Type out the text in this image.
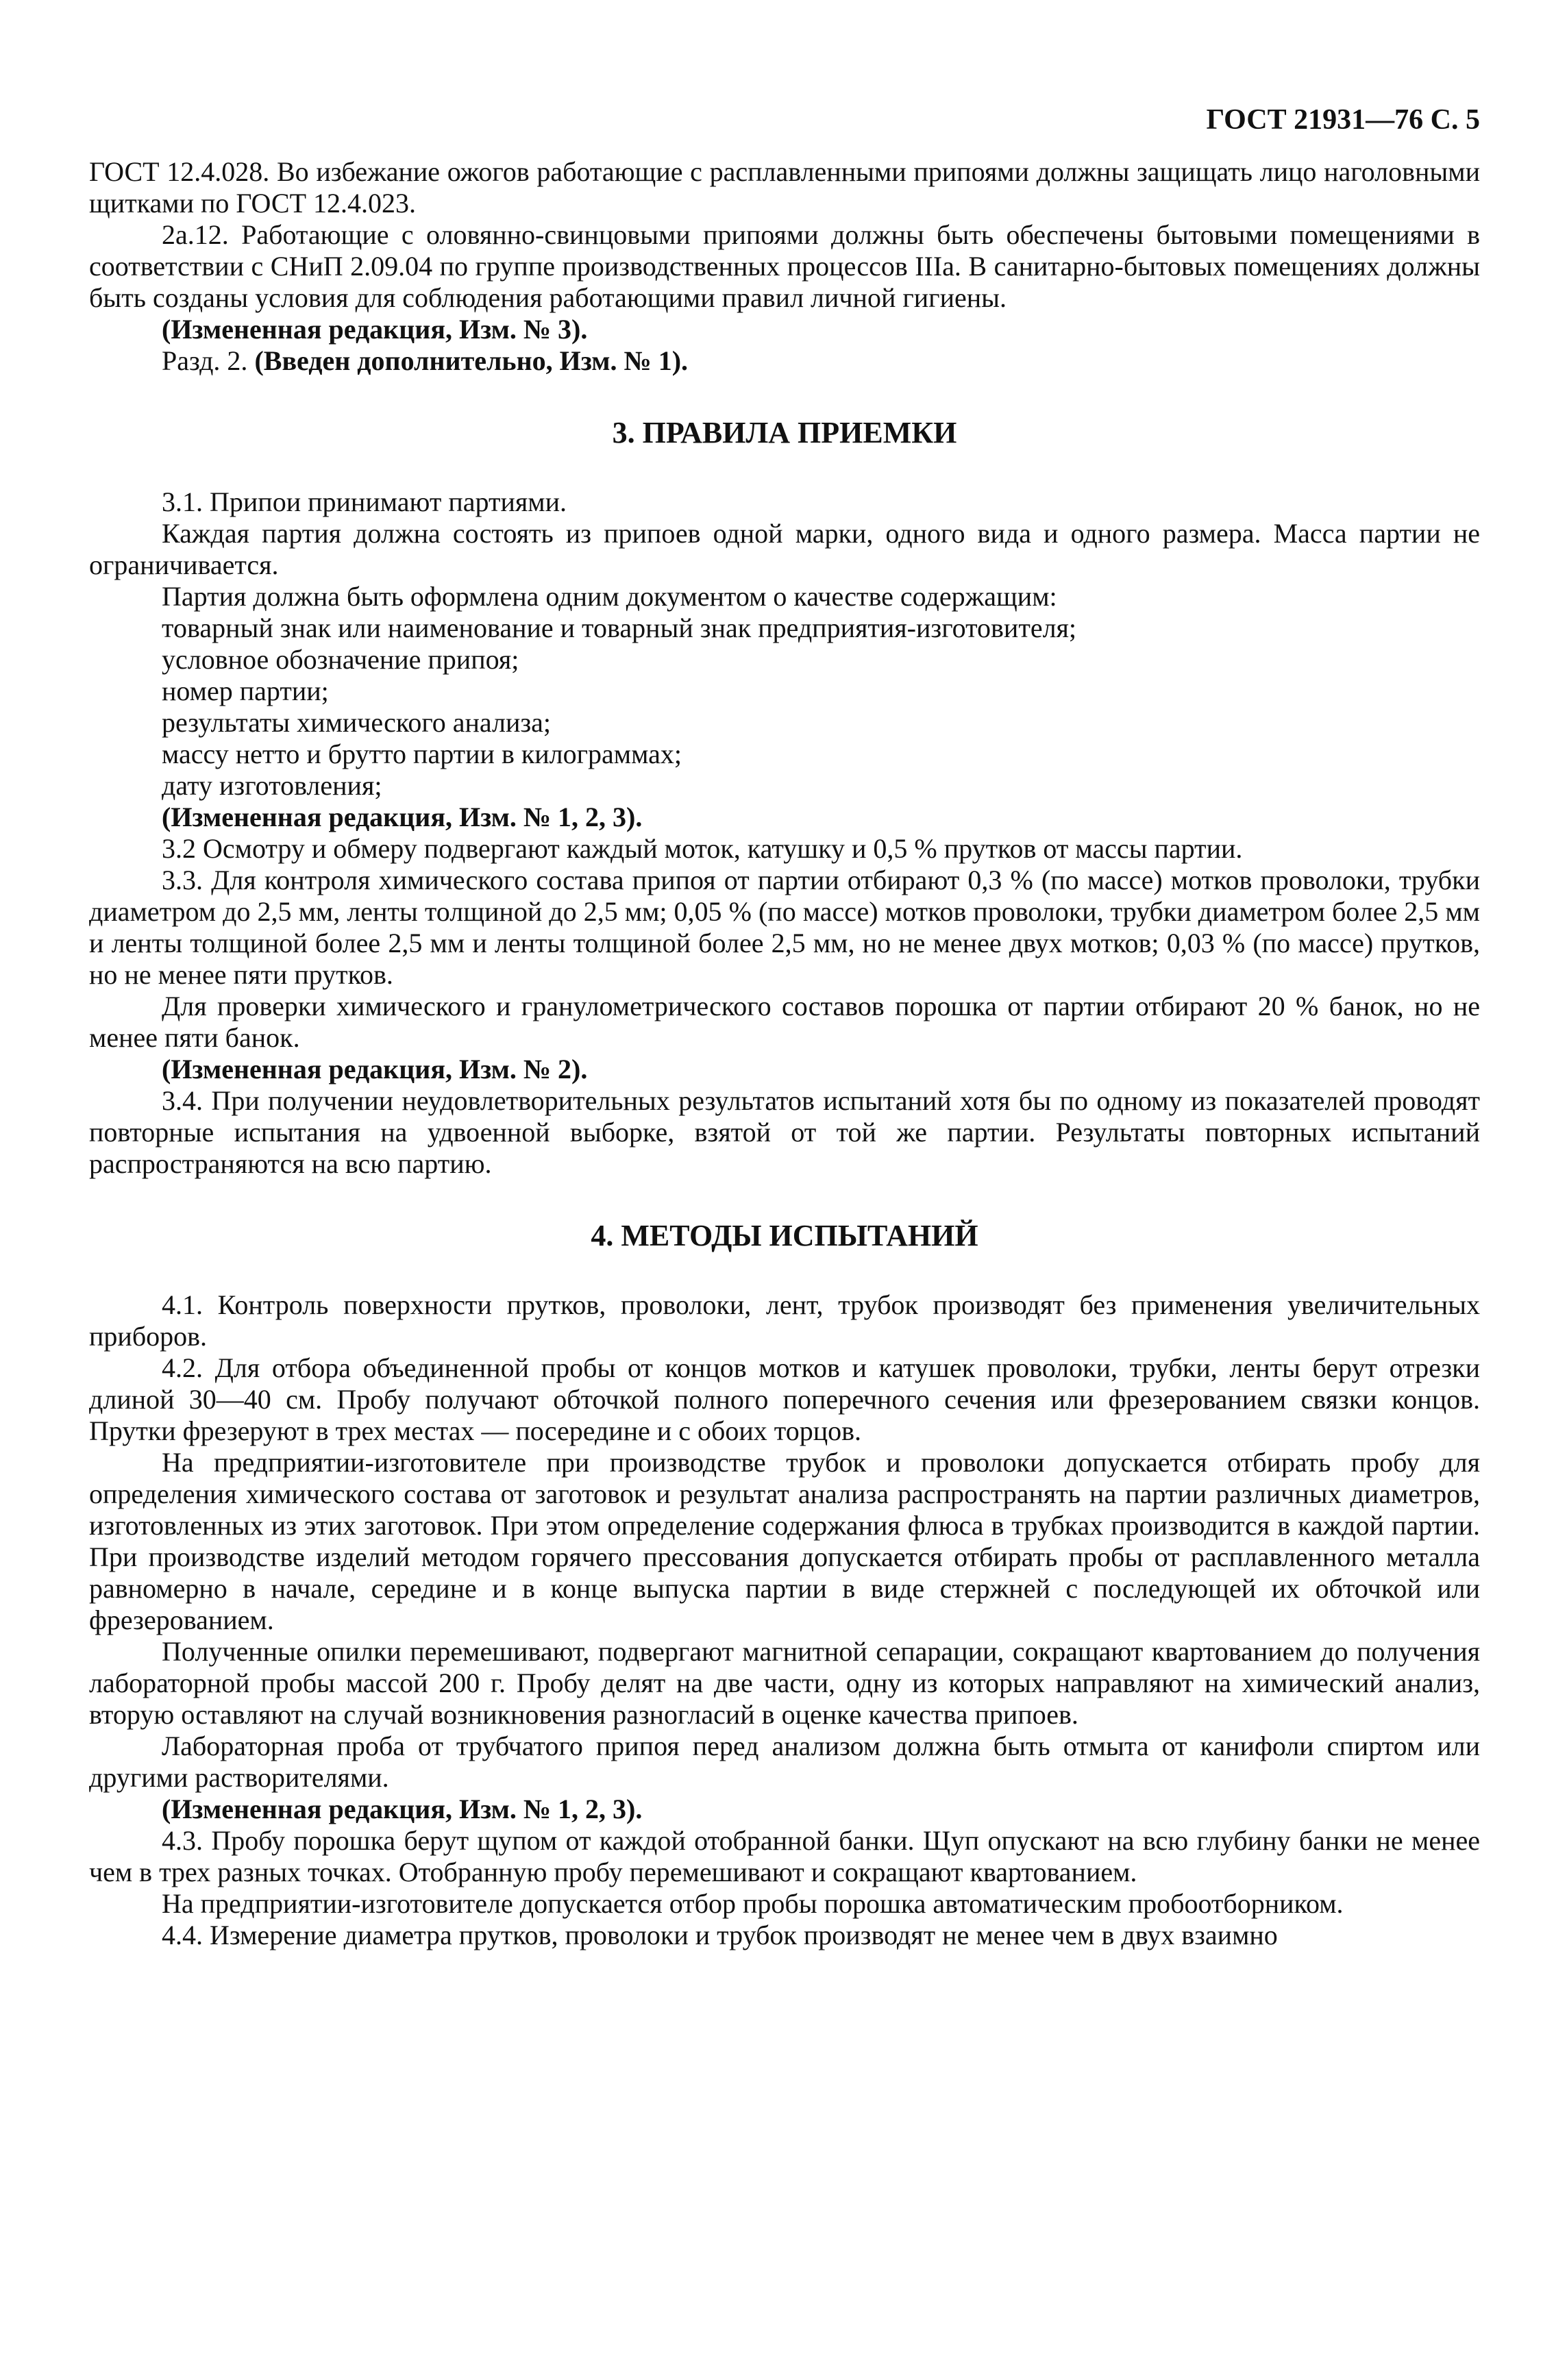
ГОСТ 21931—76 С. 5

ГОСТ 12.4.028. Во избежание ожогов работающие с расплавленными припоями должны защищать лицо наголовными щитками по ГОСТ 12.4.023.

2а.12. Работающие с оловянно-свинцовыми припоями должны быть обеспечены бытовыми помещениями в соответствии с СНиП 2.09.04 по группе производственных процессов IIIа. В санитарно-бытовых помещениях должны быть созданы условия для соблюдения работающими правил личной гигиены.

(Измененная редакция, Изм. № 3).

Разд. 2. (Введен дополнительно, Изм. № 1).

3. ПРАВИЛА ПРИЕМКИ

3.1. Припои принимают партиями.

Каждая партия должна состоять из припоев одной марки, одного вида и одного размера. Масса партии не ограничивается.

Партия должна быть оформлена одним документом о качестве содержащим:

товарный знак или наименование и товарный знак предприятия-изготовителя;

условное обозначение припоя;

номер партии;

результаты химического анализа;

массу нетто и брутто партии в килограммах;

дату изготовления;

(Измененная редакция, Изм. № 1, 2, 3).

3.2 Осмотру и обмеру подвергают каждый моток, катушку и 0,5 % прутков от массы партии.

3.3. Для контроля химического состава припоя от партии отбирают 0,3 % (по массе) мотков проволоки, трубки диаметром до 2,5 мм, ленты толщиной до 2,5 мм; 0,05 % (по массе) мотков проволоки, трубки диаметром более 2,5 мм и ленты толщиной более 2,5 мм и ленты толщиной более 2,5 мм, но не менее двух мотков; 0,03 % (по массе) прутков, но не менее пяти прутков.

Для проверки химического и гранулометрического составов порошка от партии отбирают 20 % банок, но не менее пяти банок.

(Измененная редакция, Изм. № 2).

3.4. При получении неудовлетворительных результатов испытаний хотя бы по одному из показателей проводят повторные испытания на удвоенной выборке, взятой от той же партии. Результаты повторных испытаний распространяются на всю партию.

4. МЕТОДЫ ИСПЫТАНИЙ

4.1. Контроль поверхности прутков, проволоки, лент, трубок производят без применения увеличительных приборов.

4.2. Для отбора объединенной пробы от концов мотков и катушек проволоки, трубки, ленты берут отрезки длиной 30—40 см. Пробу получают обточкой полного поперечного сечения или фрезерованием связки концов. Прутки фрезеруют в трех местах — посередине и с обоих торцов.

На предприятии-изготовителе при производстве трубок и проволоки допускается отбирать пробу для определения химического состава от заготовок и результат анализа распространять на партии различных диаметров, изготовленных из этих заготовок. При этом определение содержания флюса в трубках производится в каждой партии. При производстве изделий методом горячего прессования допускается отбирать пробы от расплавленного металла равномерно в начале, середине и в конце выпуска партии в виде стержней с последующей их обточкой или фрезерованием.

Полученные опилки перемешивают, подвергают магнитной сепарации, сокращают квартованием до получения лабораторной пробы массой 200 г. Пробу делят на две части, одну из которых направляют на химический анализ, вторую оставляют на случай возникновения разногласий в оценке качества припоев.

Лабораторная проба от трубчатого припоя перед анализом должна быть отмыта от канифоли спиртом или другими растворителями.

(Измененная редакция, Изм. № 1, 2, 3).

4.3. Пробу порошка берут щупом от каждой отобранной банки. Щуп опускают на всю глубину банки не менее чем в трех разных точках. Отобранную пробу перемешивают и сокращают квартованием.

На предприятии-изготовителе допускается отбор пробы порошка автоматическим пробоотборником.

4.4. Измерение диаметра прутков, проволоки и трубок производят не менее чем в двух взаимно
